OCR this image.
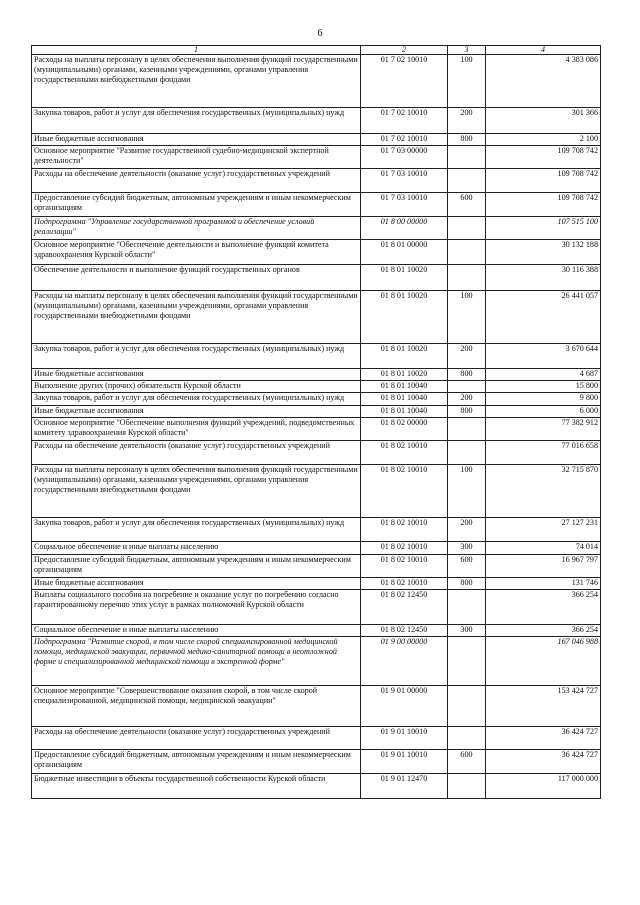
6
1	2	3	4
Расходы на выплаты персоналу в целях обеспечения выполнения функций государственными (муниципальными) органами, казенными учреждениями, органами управления государственными внебюджетными фондами	01 7 02 10010	100	4 383 086
Закупка товаров, работ и услуг для обеспечения государственных (муниципальных) нужд	01 7 02 10010	200	301 366
Иные бюджетные ассигнования	01 7 02 10010	800	2 100
Основное мероприятие "Развитие государственной судебно-медицинской экспертной деятельности"	01 7 03 00000		109 708 742
Расходы на обеспечение деятельности (оказание услуг) государственных учреждений	01 7 03 10010		109 708 742
Предоставление субсидий бюджетным, автономным учреждениям и иным некоммерческим организациям	01 7 03 10010	600	109 708 742
Подпрограмма "Управление государственной программой и обеспечение условий реализации"	01 8 00 00000		107 515 100
Основное мероприятие "Обеспечение деятельности и выполнение функций комитета здравоохранения Курской области"	01 8 01 00000		30 132 188
Обеспечение деятельности и выполнение функций государственных органов	01 8 01 10020		30 116 388
Расходы на выплаты персоналу в целях обеспечения выполнения функций государственными (муниципальными) органами, казенными учреждениями, органами управления государственными внебюджетными фондами	01 8 01 10020	100	26 441 057
Закупка товаров, работ и услуг для обеспечения государственных (муниципальных) нужд	01 8 01 10020	200	3 670 644
Иные бюджетные ассигнования	01 8 01 10020	800	4 687
Выполнение других (прочих) обязательств Курской области	01 8 01 10040		15 800
Закупка товаров, работ и услуг для обеспечения государственных (муниципальных) нужд	01 8 01 10040	200	9 800
Иные бюджетные ассигнования	01 8 01 10040	800	6 000
Основное мероприятие "Обеспечение выполнения функций учреждений, подведомственных комитету здравоохранения Курской области"	01 8 02 00000		77 382 912
Расходы на обеспечение деятельности (оказание услуг) государственных учреждений	01 8 02 10010		77 016 658
Расходы на выплаты персоналу в целях обеспечения выполнения функций государственными (муниципальными) органами, казенными учреждениями, органами управления государственными внебюджетными фондами	01 8 02 10010	100	32 715 870
Закупка товаров, работ и услуг для обеспечения государственных (муниципальных) нужд	01 8 02 10010	200	27 127 231
Социальное обеспечение и иные выплаты населению	01 8 02 10010	300	74 014
Предоставление субсидий бюджетным, автономным учреждениям и иным некоммерческим организациям	01 8 02 10010	600	16 967 797
Иные бюджетные ассигнования	01 8 02 10010	800	131 746
Выплаты социального пособия на погребение и оказание услуг по погребению согласно гарантированному перечню этих услуг в рамках полномочий Курской области	01 8 02 12450		366 254
Социальное обеспечение и иные выплаты населению	01 8 02 12450	300	366 254
Подпрограмма "Развитие скорой, в том числе скорой специализированной медицинской помощи, медицинской эвакуации, первичной медико-санитарной помощи в неотложной форме и специализированной медицинской помощи в экстренной форме"	01 9 00 00000		167 046 988
Основное мероприятие "Совершенствование оказания скорой, в том числе скорой специализированной, медицинской помощи, медицинской эвакуации"	01 9 01 00000		153 424 727
Расходы на обеспечение деятельности (оказание услуг) государственных учреждений	01 9 01 10010		36 424 727
Предоставление субсидий бюджетным, автономным учреждениям и иным некоммерческим организациям	01 9 01 10010	600	36 424 727
Бюджетные инвестиции в объекты государственной собственности Курской области	01 9 01 12470		117 000 000
